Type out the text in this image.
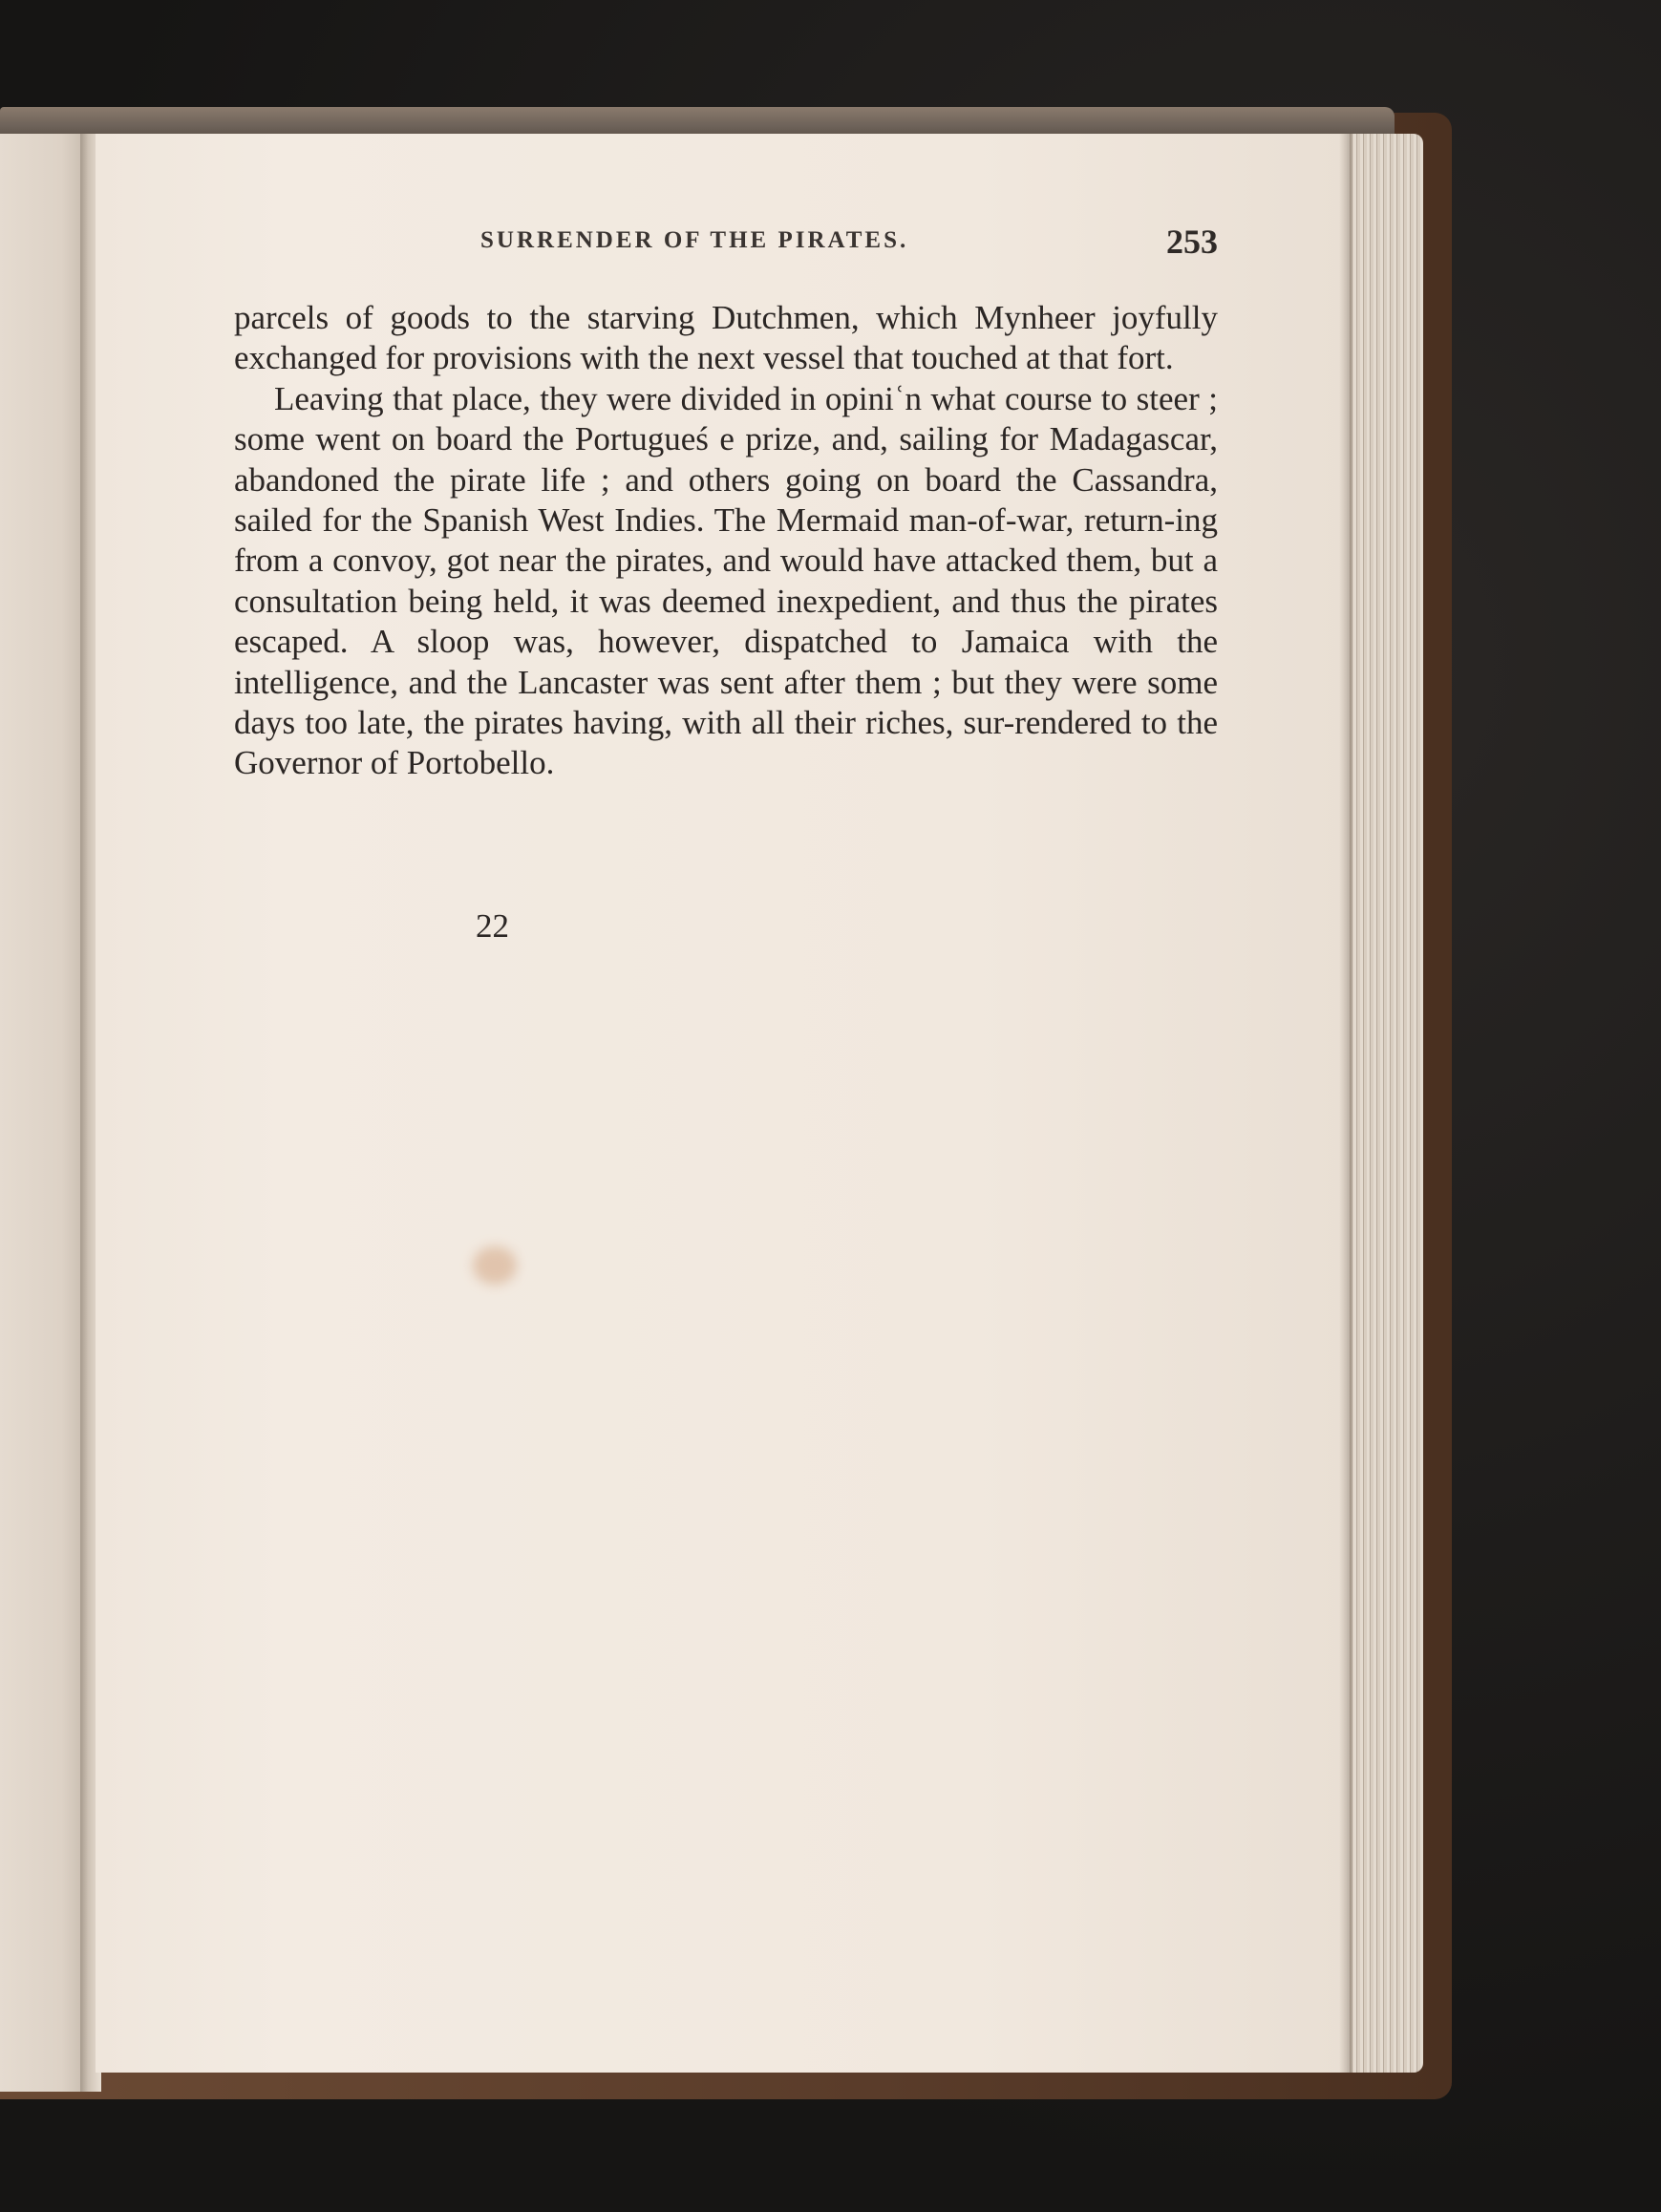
SURRENDER OF THE PIRATES.	253

parcels of goods to the starving Dutchmen, which Mynheer joyfully exchanged for provisions with the next vessel that touched at that fort.

Leaving that place, they were divided in opiniʿn what course to steer ; some went on board the Portugueś e prize, and, sailing for Madagascar, abandoned the pirate life ; and others going on board the Cassandra, sailed for the Spanish West Indies. The Mermaid man-of-war, return-ing from a convoy, got near the pirates, and would have attacked them, but a consultation being held, it was deemed inexpedient, and thus the pirates escaped. A sloop was, however, dispatched to Jamaica with the intelligence, and the Lancaster was sent after them ; but they were some days too late, the pirates having, with all their riches, sur-rendered to the Governor of Portobello.

22
